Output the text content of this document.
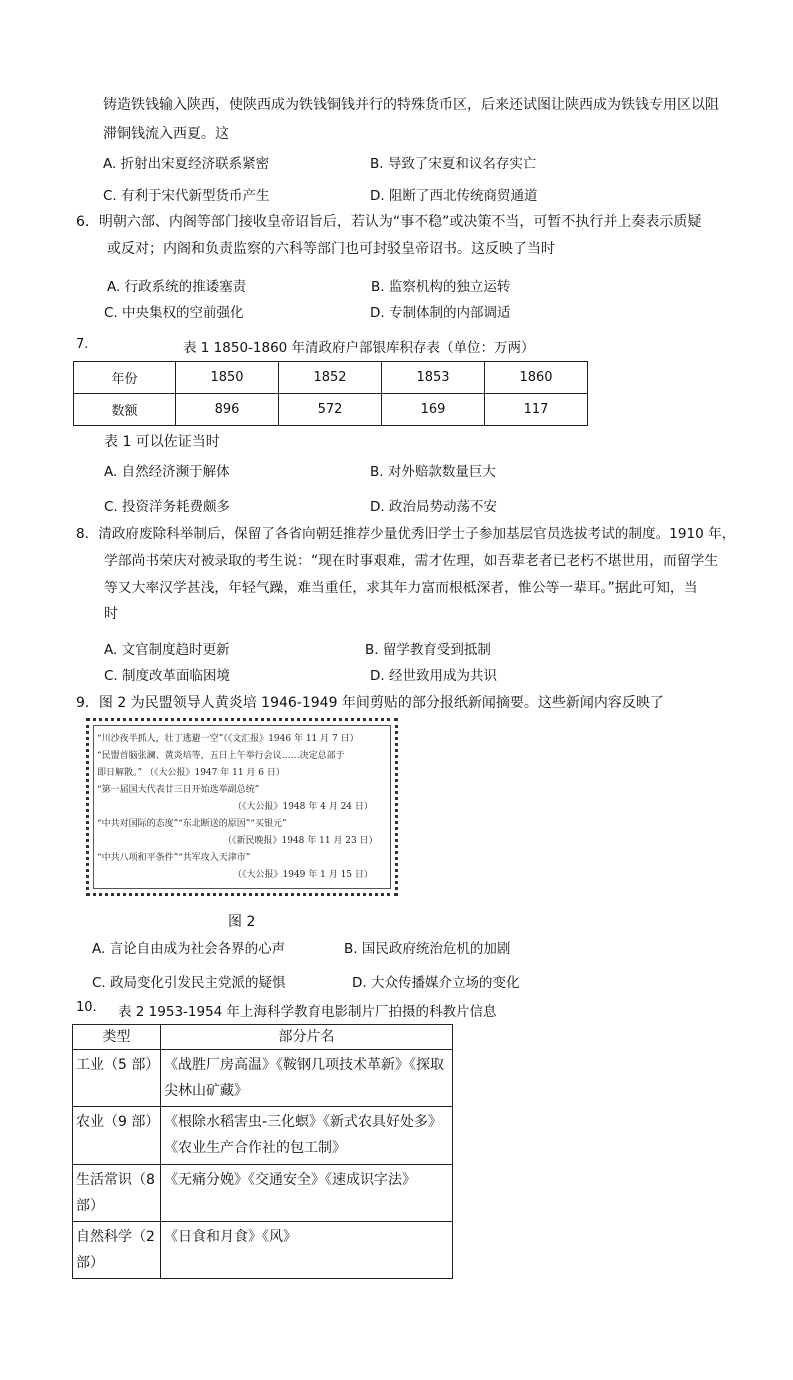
铸造铁钱输入陕西，使陕西成为铁钱铜钱并行的特殊货币区，后来还试图让陕西成为铁钱专用区以阻
滞铜钱流入西夏。这
A. 折射出宋夏经济联系紧密	B. 导致了宋夏和议名存实亡
C. 有利于宋代新型货币产生	D. 阻断了西北传统商贸通道
6．明朝六部、内阁等部门接收皇帝诏旨后，若认为“事不稳”或决策不当，可暂不执行并上奏表示质疑
或反对；内阁和负责监察的六科等部门也可封驳皇帝诏书。这反映了当时
A. 行政系统的推诿塞责	B. 监察机构的独立运转
C. 中央集权的空前强化	D. 专制体制的内部调适
7.	表 1 1850-1860 年清政府户部银库积存表（单位：万两）
年份	1850	1852	1853	1860
数额	896	572	169	117
表 1 可以佐证当时
A. 自然经济濒于解体	B. 对外赔款数量巨大
C. 投资洋务耗费颇多	D. 政治局势动荡不安
8．清政府废除科举制后，保留了各省向朝廷推荐少量优秀旧学士子参加基层官员选拔考试的制度。1910 年，
学部尚书荣庆对被录取的考生说：“现在时事艰难，需才佐理，如吾辈老者已老朽不堪世用，而留学生
等又大率汉学甚浅，年轻气躁，难当重任，求其年力富而根柢深者，惟公等一辈耳。”据此可知，当
时
A. 文官制度趋时更新	B. 留学教育受到抵制
C. 制度改革面临困境	D. 经世致用成为共识
9．图 2 为民盟领导人黄炎培 1946-1949 年间剪贴的部分报纸新闻摘要。这些新闻内容反映了
“川沙夜半抓人，壮丁逃避一空”（《文汇报》1946 年 11 月 7 日）
“民盟首脑张澜、黄炎培等，五日上午举行会议……决定总部于
即日解散。” （《大公报》1947 年 11 月 6 日）
“第一届国大代表廿三日开始选举副总统”
（《大公报》1948 年 4 月 24 日）
“中共对国际的态度”“东北断送的原因”“买银元”
（《新民晚报》1948 年 11 月 23 日）
“中共八项和平条件”“共军攻入天津市”
（《大公报》1949 年 1 月 15 日）
图 2
A. 言论自由成为社会各界的心声	B. 国民政府统治危机的加剧
C. 政局变化引发民主党派的疑惧	D. 大众传播媒介立场的变化
10. 表 2 1953-1954 年上海科学教育电影制片厂拍摄的科教片信息
类型	部分片名
工业（5 部）	《战胜厂房高温》《鞍钢几项技术革新》《探取尖林山矿藏》
农业（9 部）	《根除水稻害虫-三化螟》《新式农具好处多》《农业生产合作社的包工制》
生活常识（8 部）	《无痛分娩》《交通安全》《速成识字法》
自然科学（2 部）	《日食和月食》《风》
